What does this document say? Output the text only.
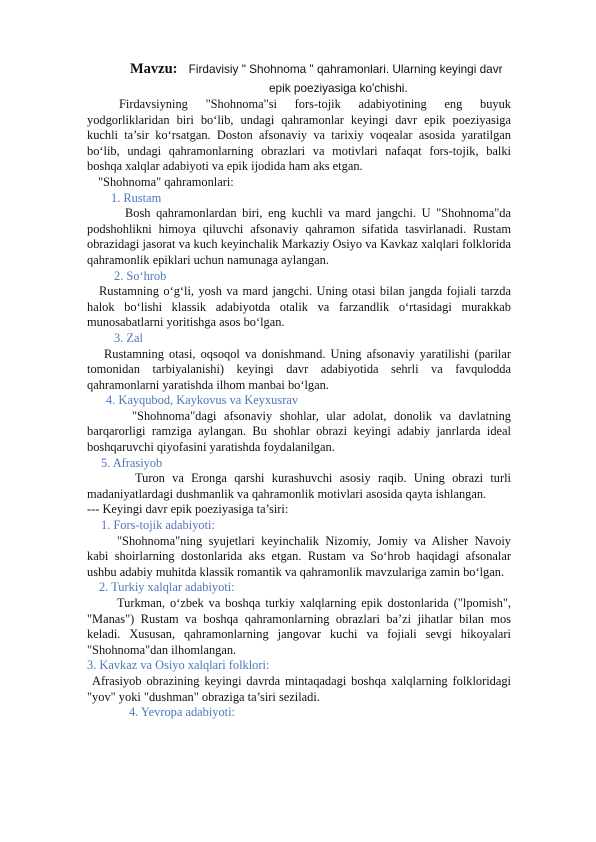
Mavzu: Firdavisiy " Shohnoma " qahramonlari. Ularning keyingi davr
epik poeziyasiga ko'chishi.

Firdavsiyning "Shohnoma"si fors-tojik adabiyotining eng buyuk yodgorliklaridan biri bo‘lib, undagi qahramonlar keyingi davr epik poeziyasiga kuchli ta’sir ko‘rsatgan. Doston afsonaviy va tarixiy voqealar asosida yaratilgan bo‘lib, undagi qahramonlarning obrazlari va motivlari nafaqat fors-tojik, balki boshqa xalqlar adabiyoti va epik ijodida ham aks etgan.

"Shohnoma" qahramonlari:

1. Rustam

Bosh qahramonlardan biri, eng kuchli va mard jangchi. U "Shohnoma"da podshohlikni himoya qiluvchi afsonaviy qahramon sifatida tasvirlanadi. Rustam obrazidagi jasorat va kuch keyinchalik Markaziy Osiyo va Kavkaz xalqlari folklorida qahramonlik epiklari uchun namunaga aylangan.

2. So‘hrob

Rustamning o‘g‘li, yosh va mard jangchi. Uning otasi bilan jangda fojiali tarzda halok bo‘lishi klassik adabiyotda otalik va farzandlik o‘rtasidagi murakkab munosabatlarni yoritishga asos bo‘lgan.

3. Zal

Rustamning otasi, oqsoqol va donishmand. Uning afsonaviy yaratilishi (parilar tomonidan tarbiyalanishi) keyingi davr adabiyotida sehrli va favqulodda qahramonlarni yaratishda ilhom manbai bo‘lgan.

4. Kayqubod, Kaykovus va Keyxusrav

"Shohnoma"dagi afsonaviy shohlar, ular adolat, donolik va davlatning barqarorligi ramziga aylangan. Bu shohlar obrazi keyingi adabiy janrlarda ideal boshqaruvchi qiyofasini yaratishda foydalanilgan.

5. Afrasiyob

Turon va Eronga qarshi kurashuvchi asosiy raqib. Uning obrazi turli madaniyatlardagi dushmanlik va qahramonlik motivlari asosida qayta ishlangan.

--- Keyingi davr epik poeziyasiga ta’siri:

1. Fors-tojik adabiyoti:

"Shohnoma"ning syujetlari keyinchalik Nizomiy, Jomiy va Alisher Navoiy kabi shoirlarning dostonlarida aks etgan. Rustam va So‘hrob haqidagi afsonalar ushbu adabiy muhitda klassik romantik va qahramonlik mavzulariga zamin bo‘lgan.

2. Turkiy xalqlar adabiyoti:

Turkman, o‘zbek va boshqa turkiy xalqlarning epik dostonlarida ("lpomish", "Manas") Rustam va boshqa qahramonlarning obrazlari ba’zi jihatlar bilan mos keladi. Xususan, qahramonlarning jangovar kuchi va fojiali sevgi hikoyalari "Shohnoma"dan ilhomlangan.

3. Kavkaz va Osiyo xalqlari folklori:

Afrasiyob obrazining keyingi davrda mintaqadagi boshqa xalqlarning folkloridagi "yov" yoki "dushman" obraziga ta’siri seziladi.

4. Yevropa adabiyoti:
